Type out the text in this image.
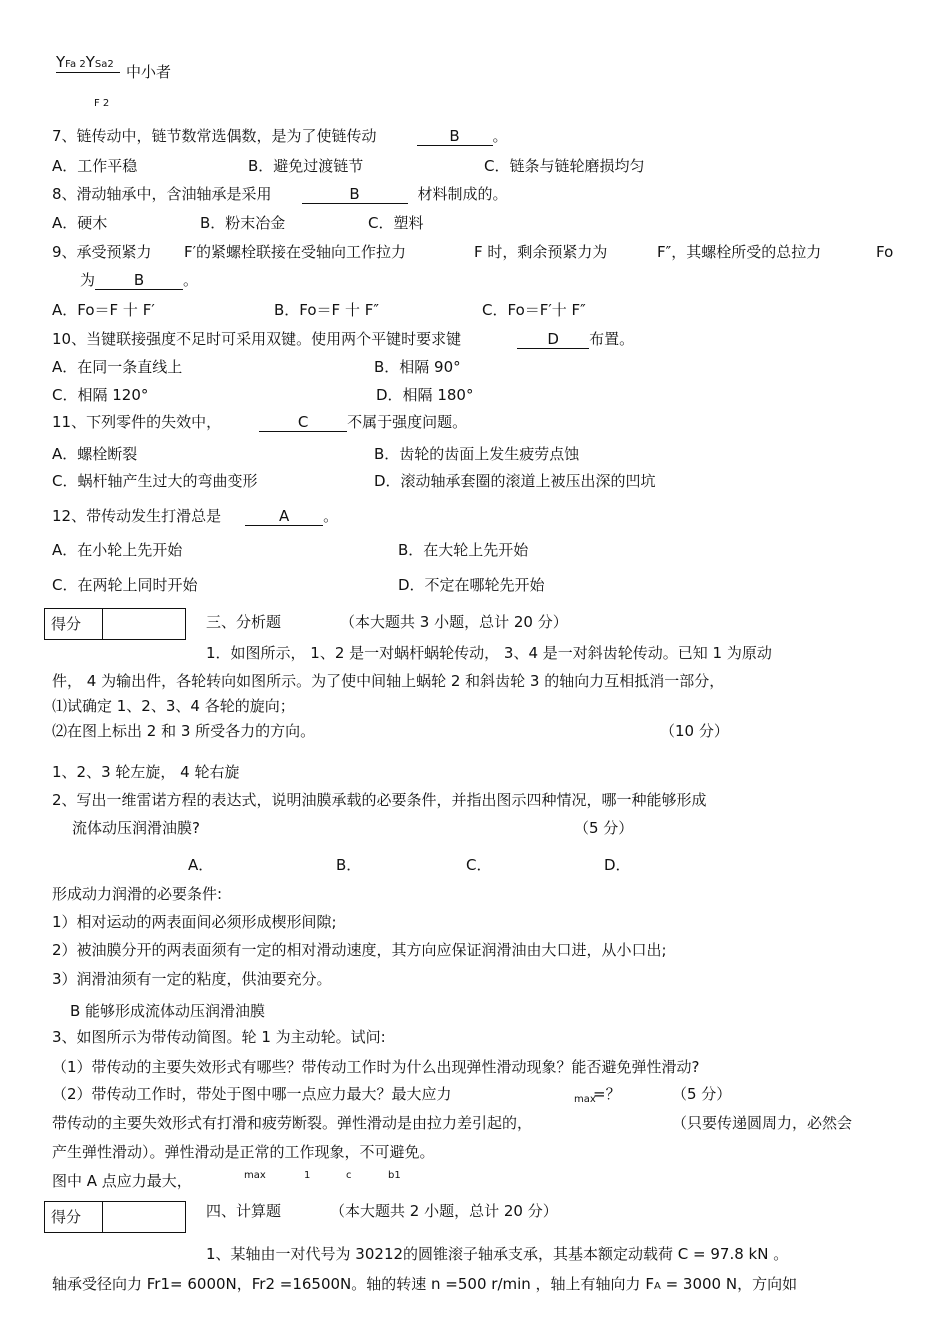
YFa 2YSa2 中小者
F 2
7、链传动中，链节数常选偶数，是为了使链传动	B 。
A．工作平稳	B．避免过渡链节	C．链条与链轮磨损均匀
8、滑动轴承中，含油轴承是采用	B	材料制成的。
A．硬木	B．粉末冶金	C．塑料
9、承受预紧力 F′的紧螺栓联接在受轴向工作拉力	F 时，剩余预紧力为	F″，其螺栓所受的总拉力	Fo
为	B	。
A．Fo＝F 十 F′	B．Fo＝F 十 F″	C．Fo＝F′十 F″
10、当键联接强度不足时可采用双键。使用两个平键时要求键	D 布置。
A．在同一条直线上	B．相隔 90°
C．相隔 120°	D．相隔 180°
11、下列零件的失效中，	C	不属于强度问题。
A．螺栓断裂	B．齿轮的齿面上发生疲劳点蚀
C．蜗杆轴产生过大的弯曲变形	D．滚动轴承套圈的滚道上被压出深的凹坑
12、带传动发生打滑总是	A 。
A．在小轮上先开始	B．在大轮上先开始
C．在两轮上同时开始	D．不定在哪轮先开始
得分	三、分析题	（本大题共 3 小题，总计 20 分）
1．如图所示， 1、2 是一对蜗杆蜗轮传动， 3、4 是一对斜齿轮传动。已知 1 为原动
件， 4 为输出件，各轮转向如图所示。为了使中间轴上蜗轮 2 和斜齿轮 3 的轴向力互相抵消一部分，
⑴试确定 1、2、3、4 各轮的旋向；
⑵在图上标出 2 和 3 所受各力的方向。	（10 分）
1、2、3 轮左旋， 4 轮右旋
2、写出一维雷诺方程的表达式，说明油膜承载的必要条件，并指出图示四种情况，哪一种能够形成
流体动压润滑油膜?	（5 分）
A．	B．	C．	D．
形成动力润滑的必要条件:
1）相对运动的两表面间必须形成楔形间隙;
2）被油膜分开的两表面须有一定的相对滑动速度，其方向应保证润滑油由大口进，从小口出;
3）润滑油须有一定的粘度，供油要充分。
B 能够形成流体动压润滑油膜
3、如图所示为带传动简图。轮 1 为主动轮。试问:
（1）带传动的主要失效形式有哪些？带传动工作时为什么出现弹性滑动现象？能否避免弹性滑动?
（2）带传动工作时，带处于图中哪一点应力最大？最大应力	max
=？	（5 分）
带传动的主要失效形式有打滑和疲劳断裂。弹性滑动是由拉力差引起的，	（只要传递圆周力，必然会
产生弹性滑动）。弹性滑动是正常的工作现象，不可避免。
图中 A 点应力最大，	max	1	c	b1
得分	四、计算题	（本大题共 2 小题，总计 20 分）
1、某轴由一对代号为 30212的圆锥滚子轴承支承，其基本额定动载荷 C = 97.8 kN 。
轴承受径向力 Fr1= 6000N，Fr2 =16500N。轴的转速 n =500 r/min ，轴上有轴向力 FA = 3000 N，方向如
